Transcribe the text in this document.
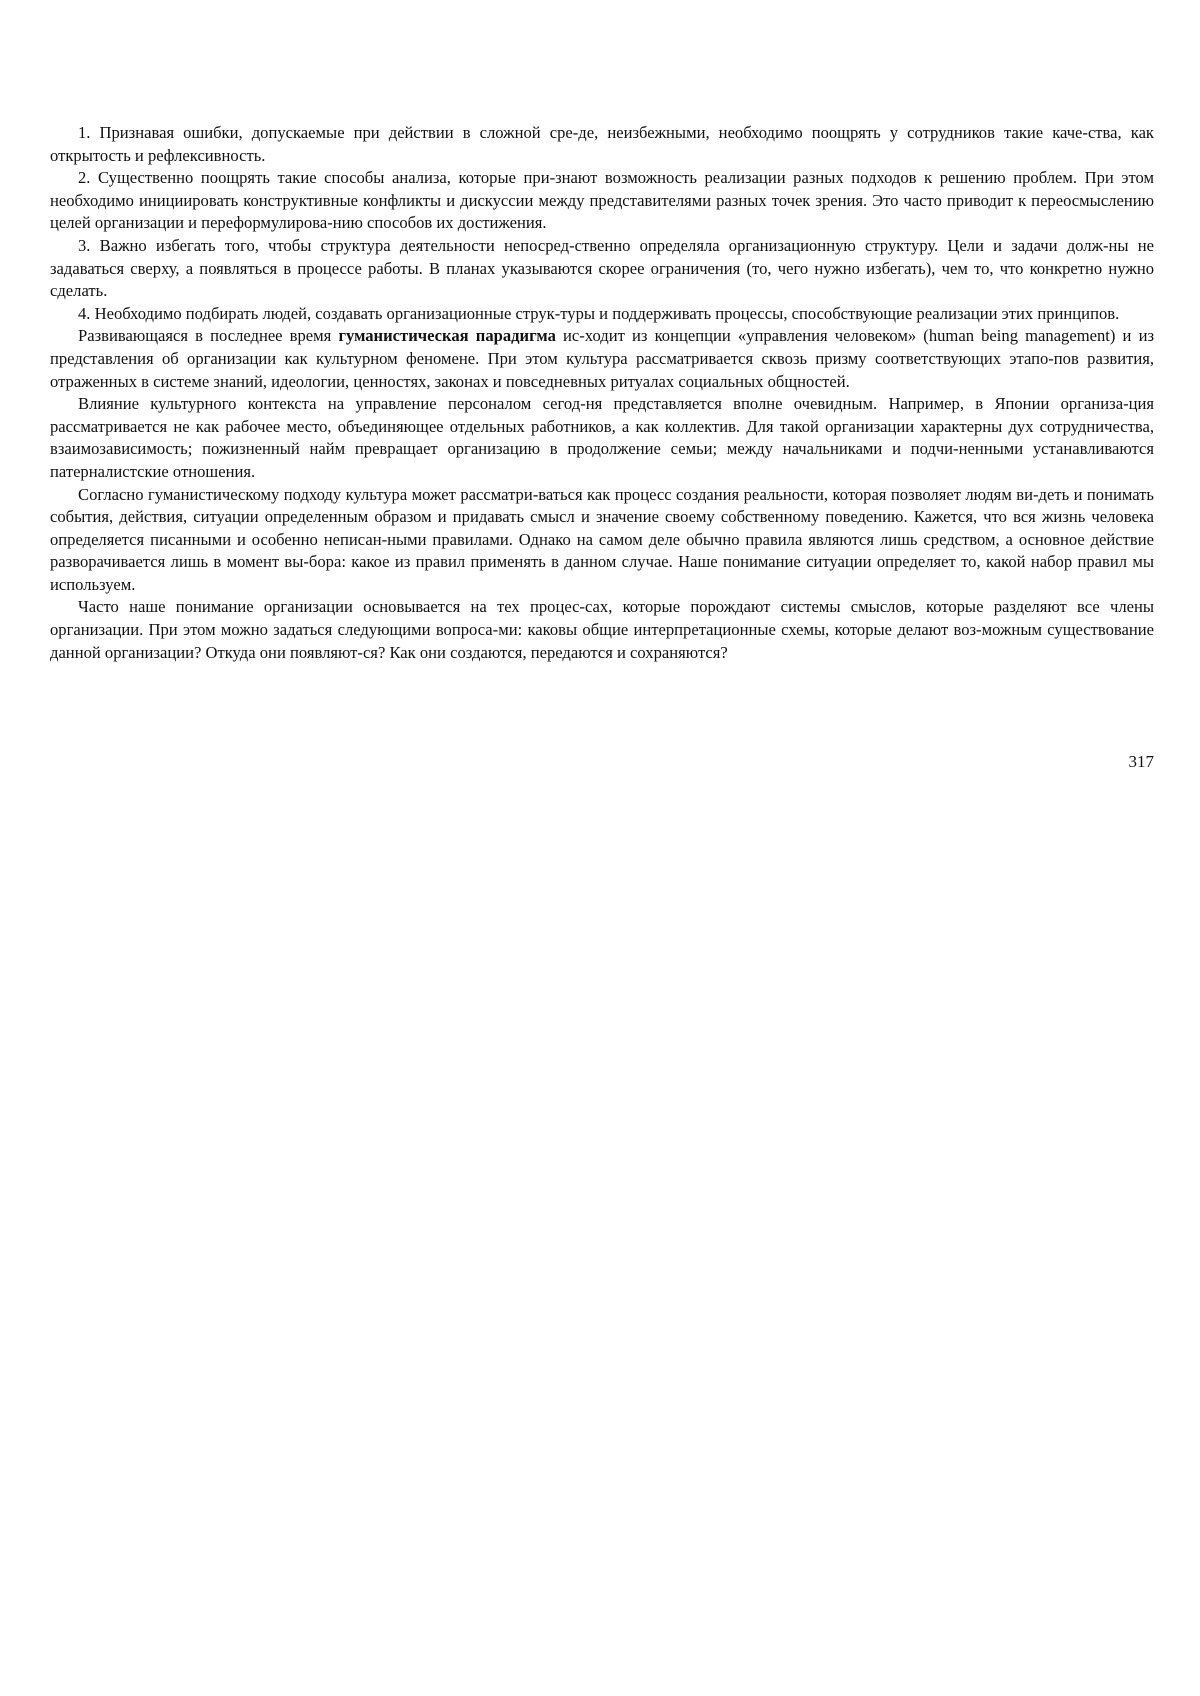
1. Признавая ошибки, допускаемые при действии в сложной сре-де, неизбежными, необходимо поощрять у сотрудников такие каче-ства, как открытость и рефлексивность.

2. Существенно поощрять такие способы анализа, которые при-знают возможность реализации разных подходов к решению проблем. При этом необходимо инициировать конструктивные конфликты и дискуссии между представителями разных точек зрения. Это часто приводит к переосмыслению целей организации и переформулирова-нию способов их достижения.

3. Важно избегать того, чтобы структура деятельности непосред-ственно определяла организационную структуру. Цели и задачи долж-ны не задаваться сверху, а появляться в процессе работы. В планах указываются скорее ограничения (то, чего нужно избегать), чем то, что конкретно нужно сделать.

4. Необходимо подбирать людей, создавать организационные струк-туры и поддерживать процессы, способствующие реализации этих принципов.

Развивающаяся в последнее время гуманистическая парадигма ис-ходит из концепции «управления человеком» (human being management) и из представления об организации как культурном феномене. При этом культура рассматривается сквозь призму соответствующих этапо-пов развития, отраженных в системе знаний, идеологии, ценностях, законах и повседневных ритуалах социальных общностей.

Влияние культурного контекста на управление персоналом сегод-ня представляется вполне очевидным. Например, в Японии организа-ция рассматривается не как рабочее место, объединяющее отдельных работников, а как коллектив. Для такой организации характерны дух сотрудничества, взаимозависимость; пожизненный найм превращает организацию в продолжение семьи; между начальниками и подчи-ненными устанавливаются патерналистские отношения.

Согласно гуманистическому подходу культура может рассматри-ваться как процесс создания реальности, которая позволяет людям ви-деть и понимать события, действия, ситуации определенным образом и придавать смысл и значение своему собственному поведению. Кажется, что вся жизнь человека определяется писанными и особенно неписан-ными правилами. Однако на самом деле обычно правила являются лишь средством, а основное действие разворачивается лишь в момент вы-бора: какое из правил применять в данном случае. Наше понимание ситуации определяет то, какой набор правил мы используем.

Часто наше понимание организации основывается на тех процес-сах, которые порождают системы смыслов, которые разделяют все члены организации. При этом можно задаться следующими вопроса-ми: каковы общие интерпретационные схемы, которые делают воз-можным существование данной организации? Откуда они появляют-ся? Как они создаются, передаются и сохраняются?

317
